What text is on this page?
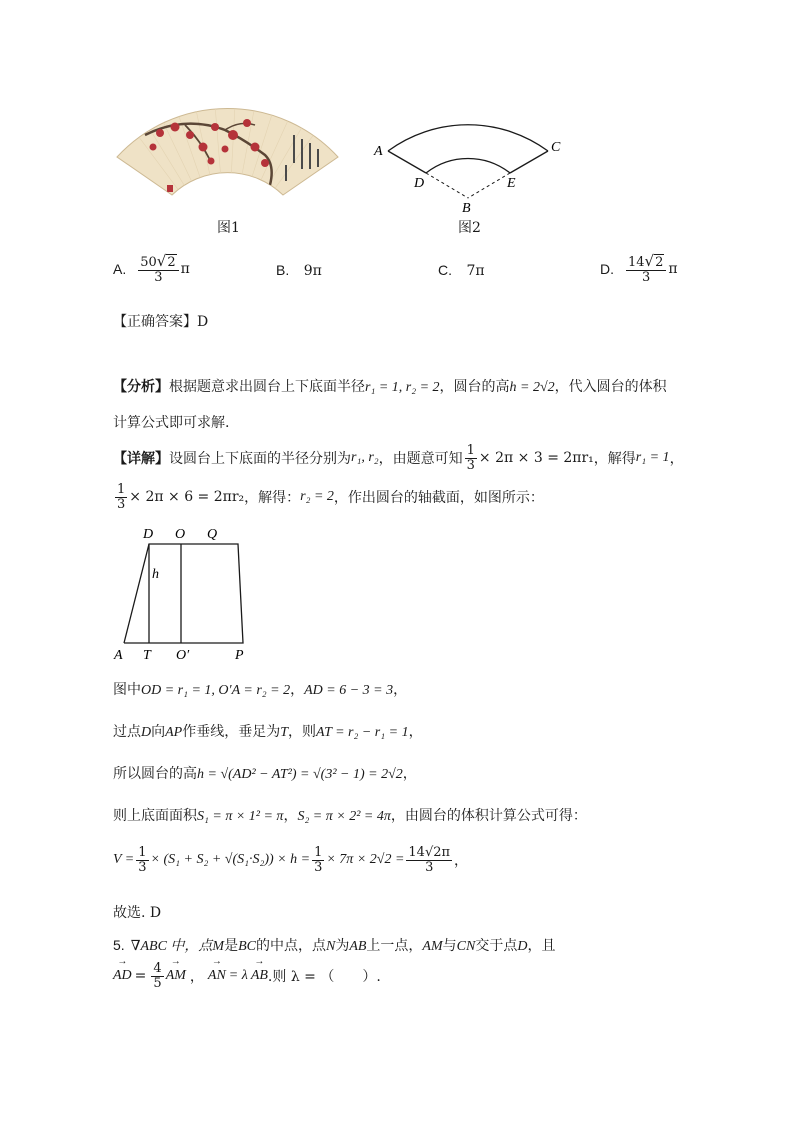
图1
A	C
D	E
B
图2
A. $\frac{50√2}{3}$ π	B. 9π	C. 7π	D. $\frac{14√2}{3}$ π
【正确答案】D
【分析】根据题意求出圆台上下底面半径r₁ = 1, r₂ = 2，圆台的高h = 2√2，代入圆台的体积
计算公式即可求解.
【详解】 设圆台上下底面的半径分别为 r₁, r₂ ，由题意可知 $\frac{1}{3} \times 2\pi \times 3 = 2\pi r_1$ ，解得 r₁ = 1 ，
$\frac{1}{3} \times 2\pi \times 6 = 2\pi r_2$ ，解得： r₂ = 2 ，作出圆台的轴截面，如图所示：
D O Q
h
A T O′	P
图中OD = r₁ = 1, O′A = r₂ = 2，AD = 6 − 3 = 3，
过点D向AP作垂线，垂足为T，则AT = r₂ − r₁ = 1，
所以圆台的高h = √(AD² − AT²) = √(3² − 1) = 2√2，
则上底面面积S₁ = π × 1² = π，S₂ = π × 2² = 4π，由圆台的体积计算公式可得：
$V = \frac{1}{3} \times (S_1 + S_2 + √(S_1\cdot S_2)) \times h = \frac{1}{3} \times 7\pi \times 2√2 = \frac{14√2\pi}{3}$ ，
故选. D
5. ∇ABC 中，点M是BC的中点，点N为AB上一点，AM与CN交于点D，且
→ AD = $\frac{4}{5}$ → AM ， → AN = λ → AB .则 λ = （　　）.
